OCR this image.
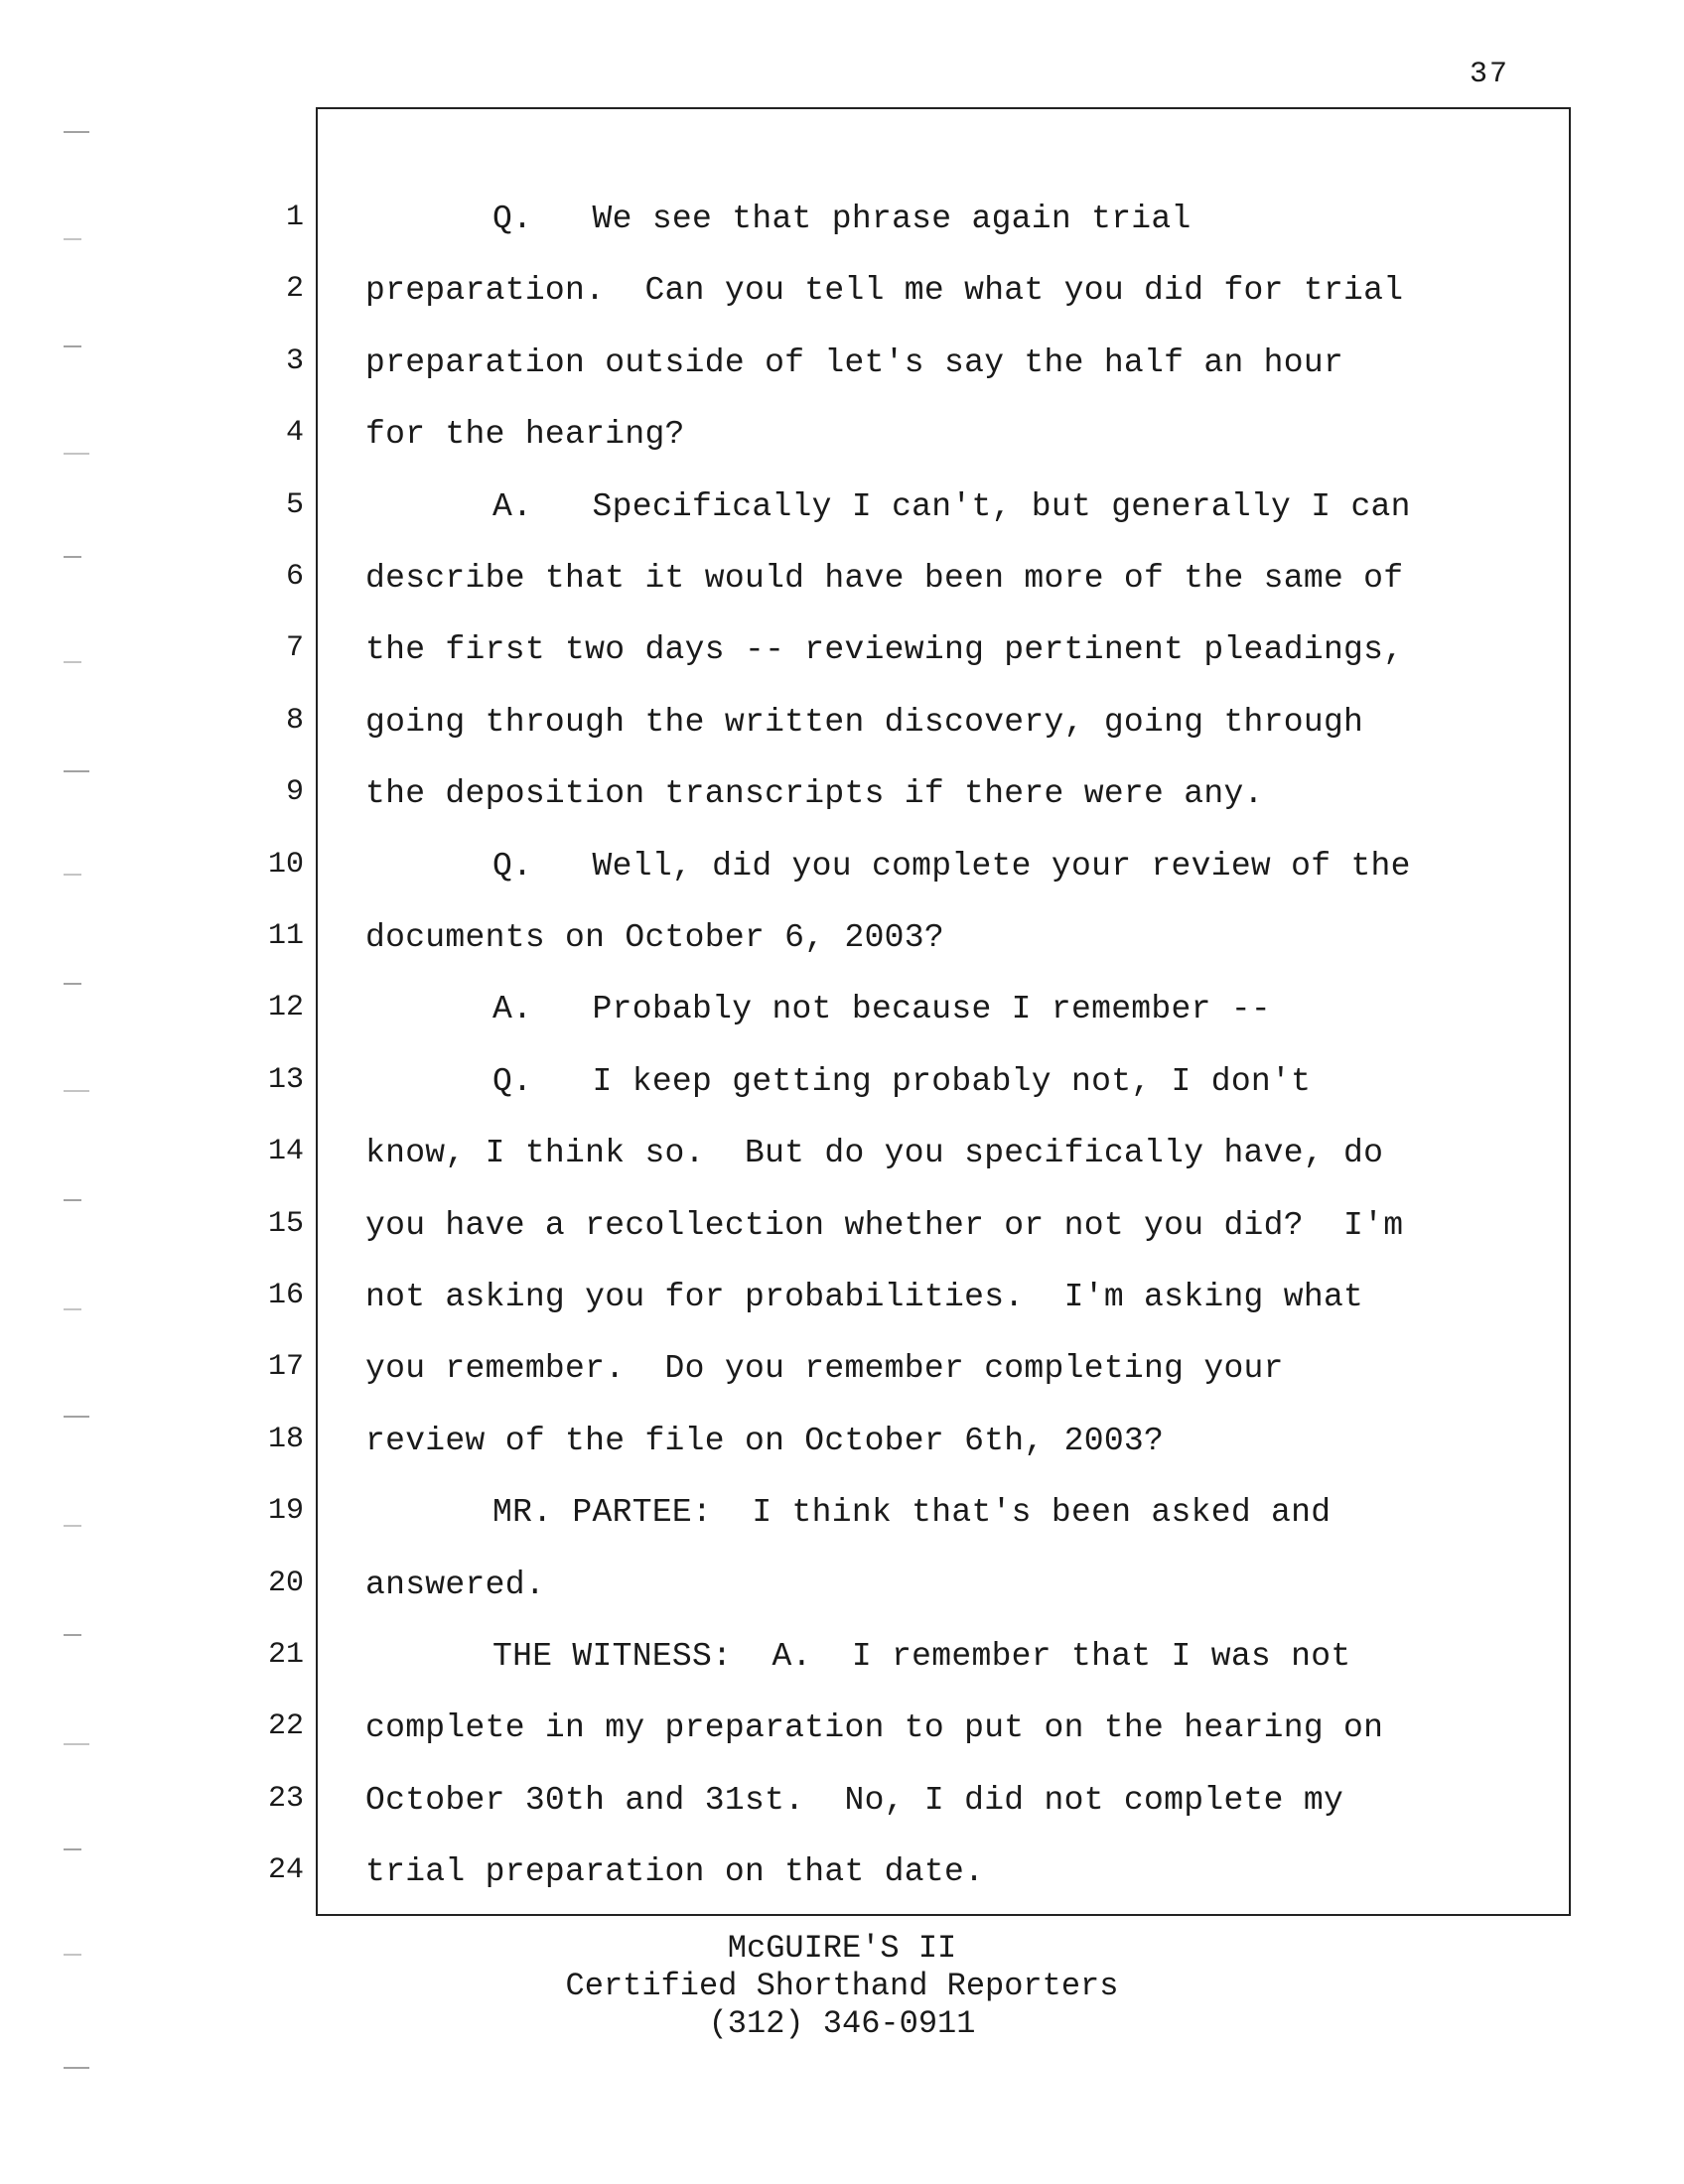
37
1	Q.   We see that phrase again trial
2 preparation.  Can you tell me what you did for trial
3 preparation outside of let's say the half an hour
4 for the hearing?
5	A.   Specifically I can't, but generally I can
6 describe that it would have been more of the same of
7 the first two days -- reviewing pertinent pleadings,
8 going through the written discovery, going through
9 the deposition transcripts if there were any.
10	Q.   Well, did you complete your review of the
11 documents on October 6, 2003?
12	A.   Probably not because I remember --
13	Q.   I keep getting probably not, I don't
14 know, I think so.  But do you specifically have, do
15 you have a recollection whether or not you did?  I'm
16 not asking you for probabilities.  I'm asking what
17 you remember.  Do you remember completing your
18 review of the file on October 6th, 2003?
19	MR. PARTEE:  I think that's been asked and
20 answered.
21	THE WITNESS:  A.  I remember that I was not
22 complete in my preparation to put on the hearing on
23 October 30th and 31st.  No, I did not complete my
24 trial preparation on that date.
McGUIRE'S II
Certified Shorthand Reporters
(312) 346-0911
